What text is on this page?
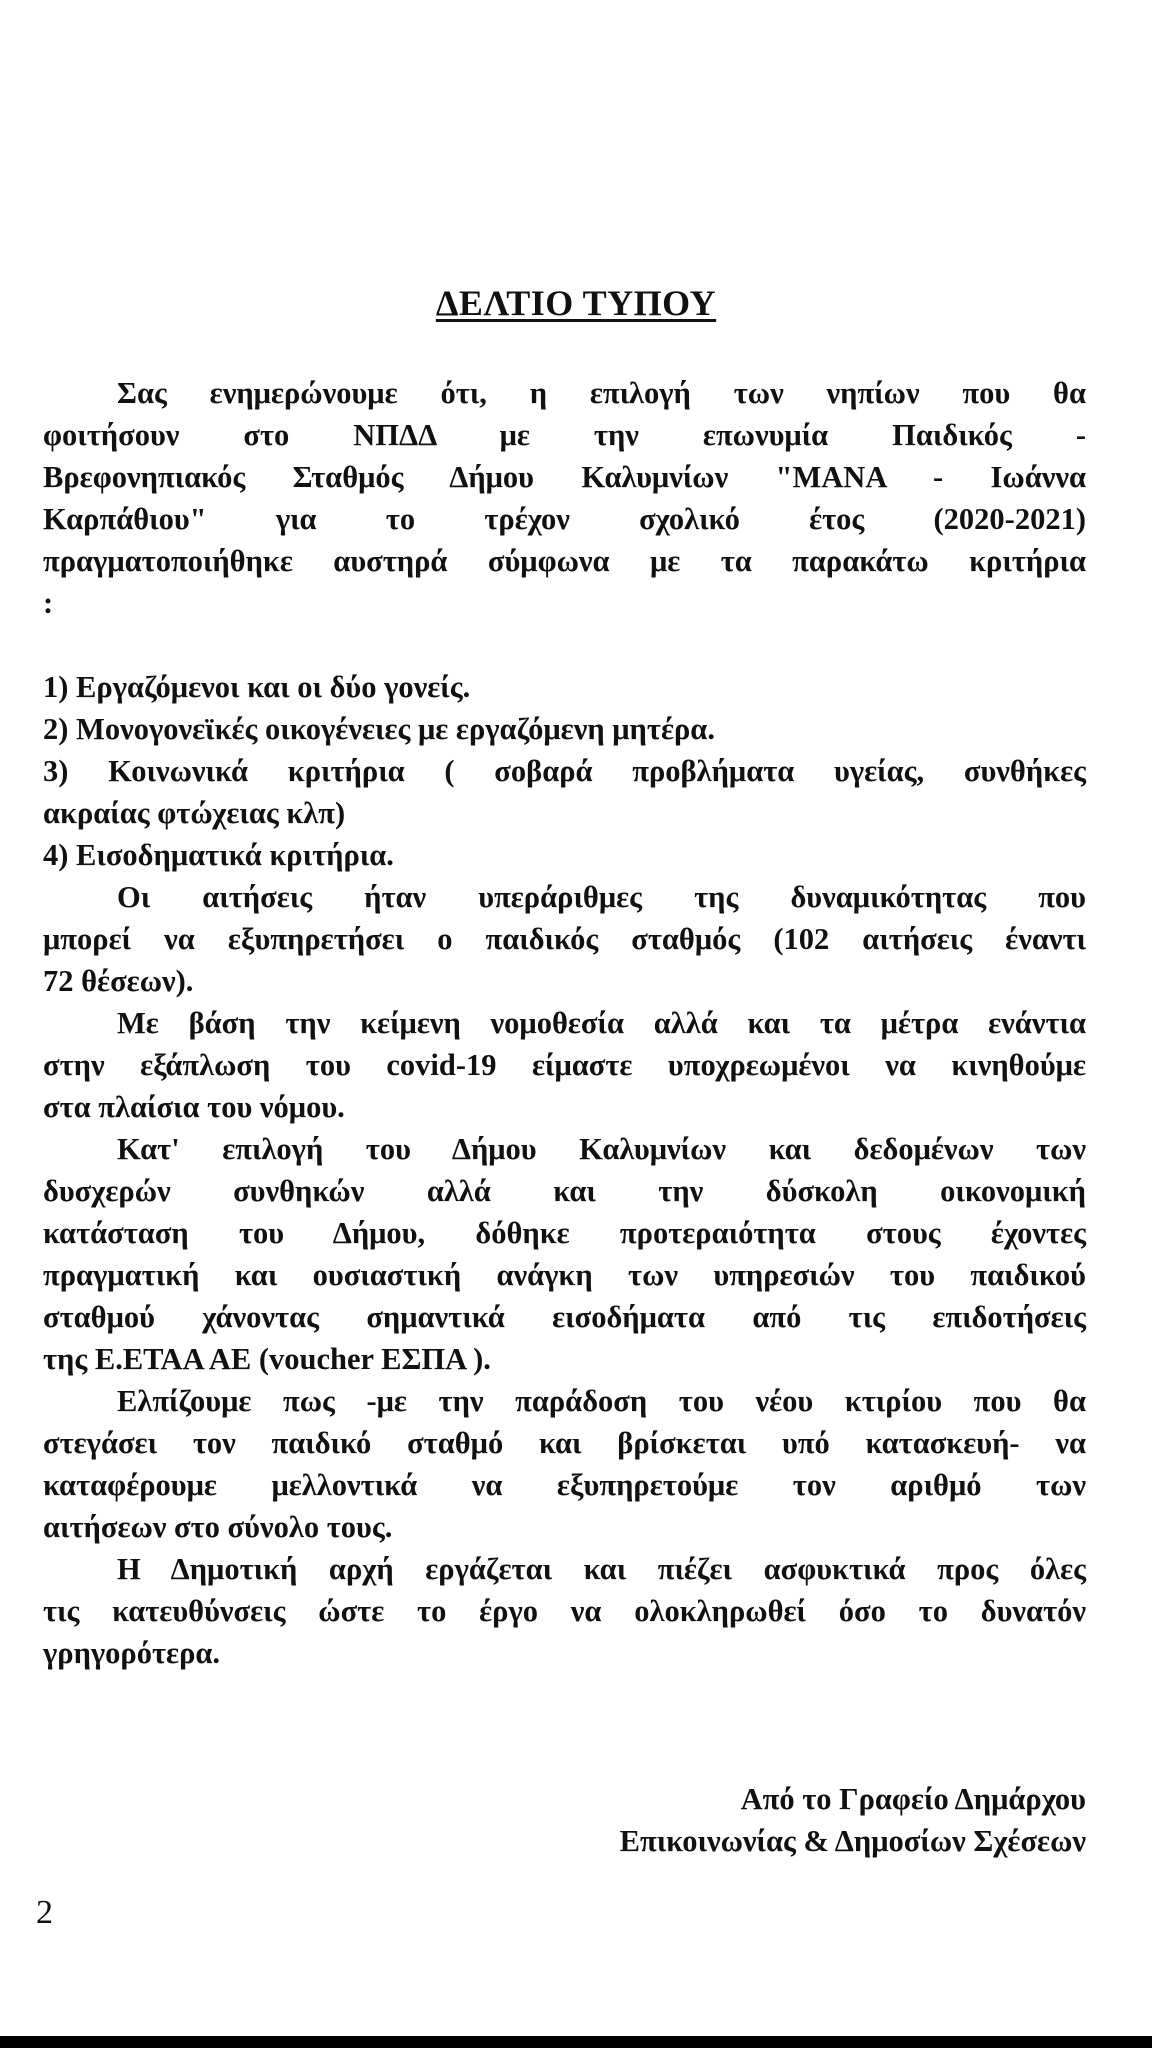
ΔΕΛΤΙΟ ΤΥΠΟΥ

Σας ενημερώνουμε ότι, η επιλογή των νηπίων που θα

φοιτήσουν στο ΝΠΔΔ με την επωνυμία Παιδικός -

Βρεφονηπιακός Σταθμός Δήμου Καλυμνίων "ΜΑΝΑ - Ιωάννα

Καρπάθιου" για το τρέχον σχολικό έτος (2020-2021)

πραγματοποιήθηκε αυστηρά σύμφωνα με τα παρακάτω κριτήρια

:

1) Εργαζόμενοι και οι δύο γονείς.

2) Μονογονεϊκές οικογένειες με εργαζόμενη μητέρα.

3) Κοινωνικά κριτήρια ( σοβαρά προβλήματα υγείας, συνθήκες

ακραίας φτώχειας κλπ)

4) Εισοδηματικά κριτήρια.

Οι αιτήσεις ήταν υπεράριθμες της δυναμικότητας που

μπορεί να εξυπηρετήσει ο παιδικός σταθμός (102 αιτήσεις έναντι

72 θέσεων).

Με βάση την κείμενη νομοθεσία αλλά και τα μέτρα ενάντια

στην εξάπλωση του covid-19 είμαστε υποχρεωμένοι να κινηθούμε

στα πλαίσια του νόμου.

Κατ' επιλογή του Δήμου Καλυμνίων και δεδομένων των

δυσχερών συνθηκών αλλά και την δύσκολη οικονομική

κατάσταση του Δήμου, δόθηκε προτεραιότητα στους έχοντες

πραγματική και ουσιαστική ανάγκη των υπηρεσιών του παιδικού

σταθμού χάνοντας σημαντικά εισοδήματα από τις επιδοτήσεις

της Ε.ΕΤΑΑ ΑΕ (voucher ΕΣΠΑ ).

Ελπίζουμε πως -με την παράδοση του νέου κτιρίου που θα

στεγάσει τον παιδικό σταθμό και βρίσκεται υπό κατασκευή- να

καταφέρουμε μελλοντικά να εξυπηρετούμε τον αριθμό των

αιτήσεων στο σύνολο τους.

Η Δημοτική αρχή εργάζεται και πιέζει ασφυκτικά προς όλες

τις κατευθύνσεις ώστε το έργο να ολοκληρωθεί όσο το δυνατόν

γρηγορότερα.

Από το Γραφείο Δημάρχου
Επικοινωνίας & Δημοσίων Σχέσεων
2
